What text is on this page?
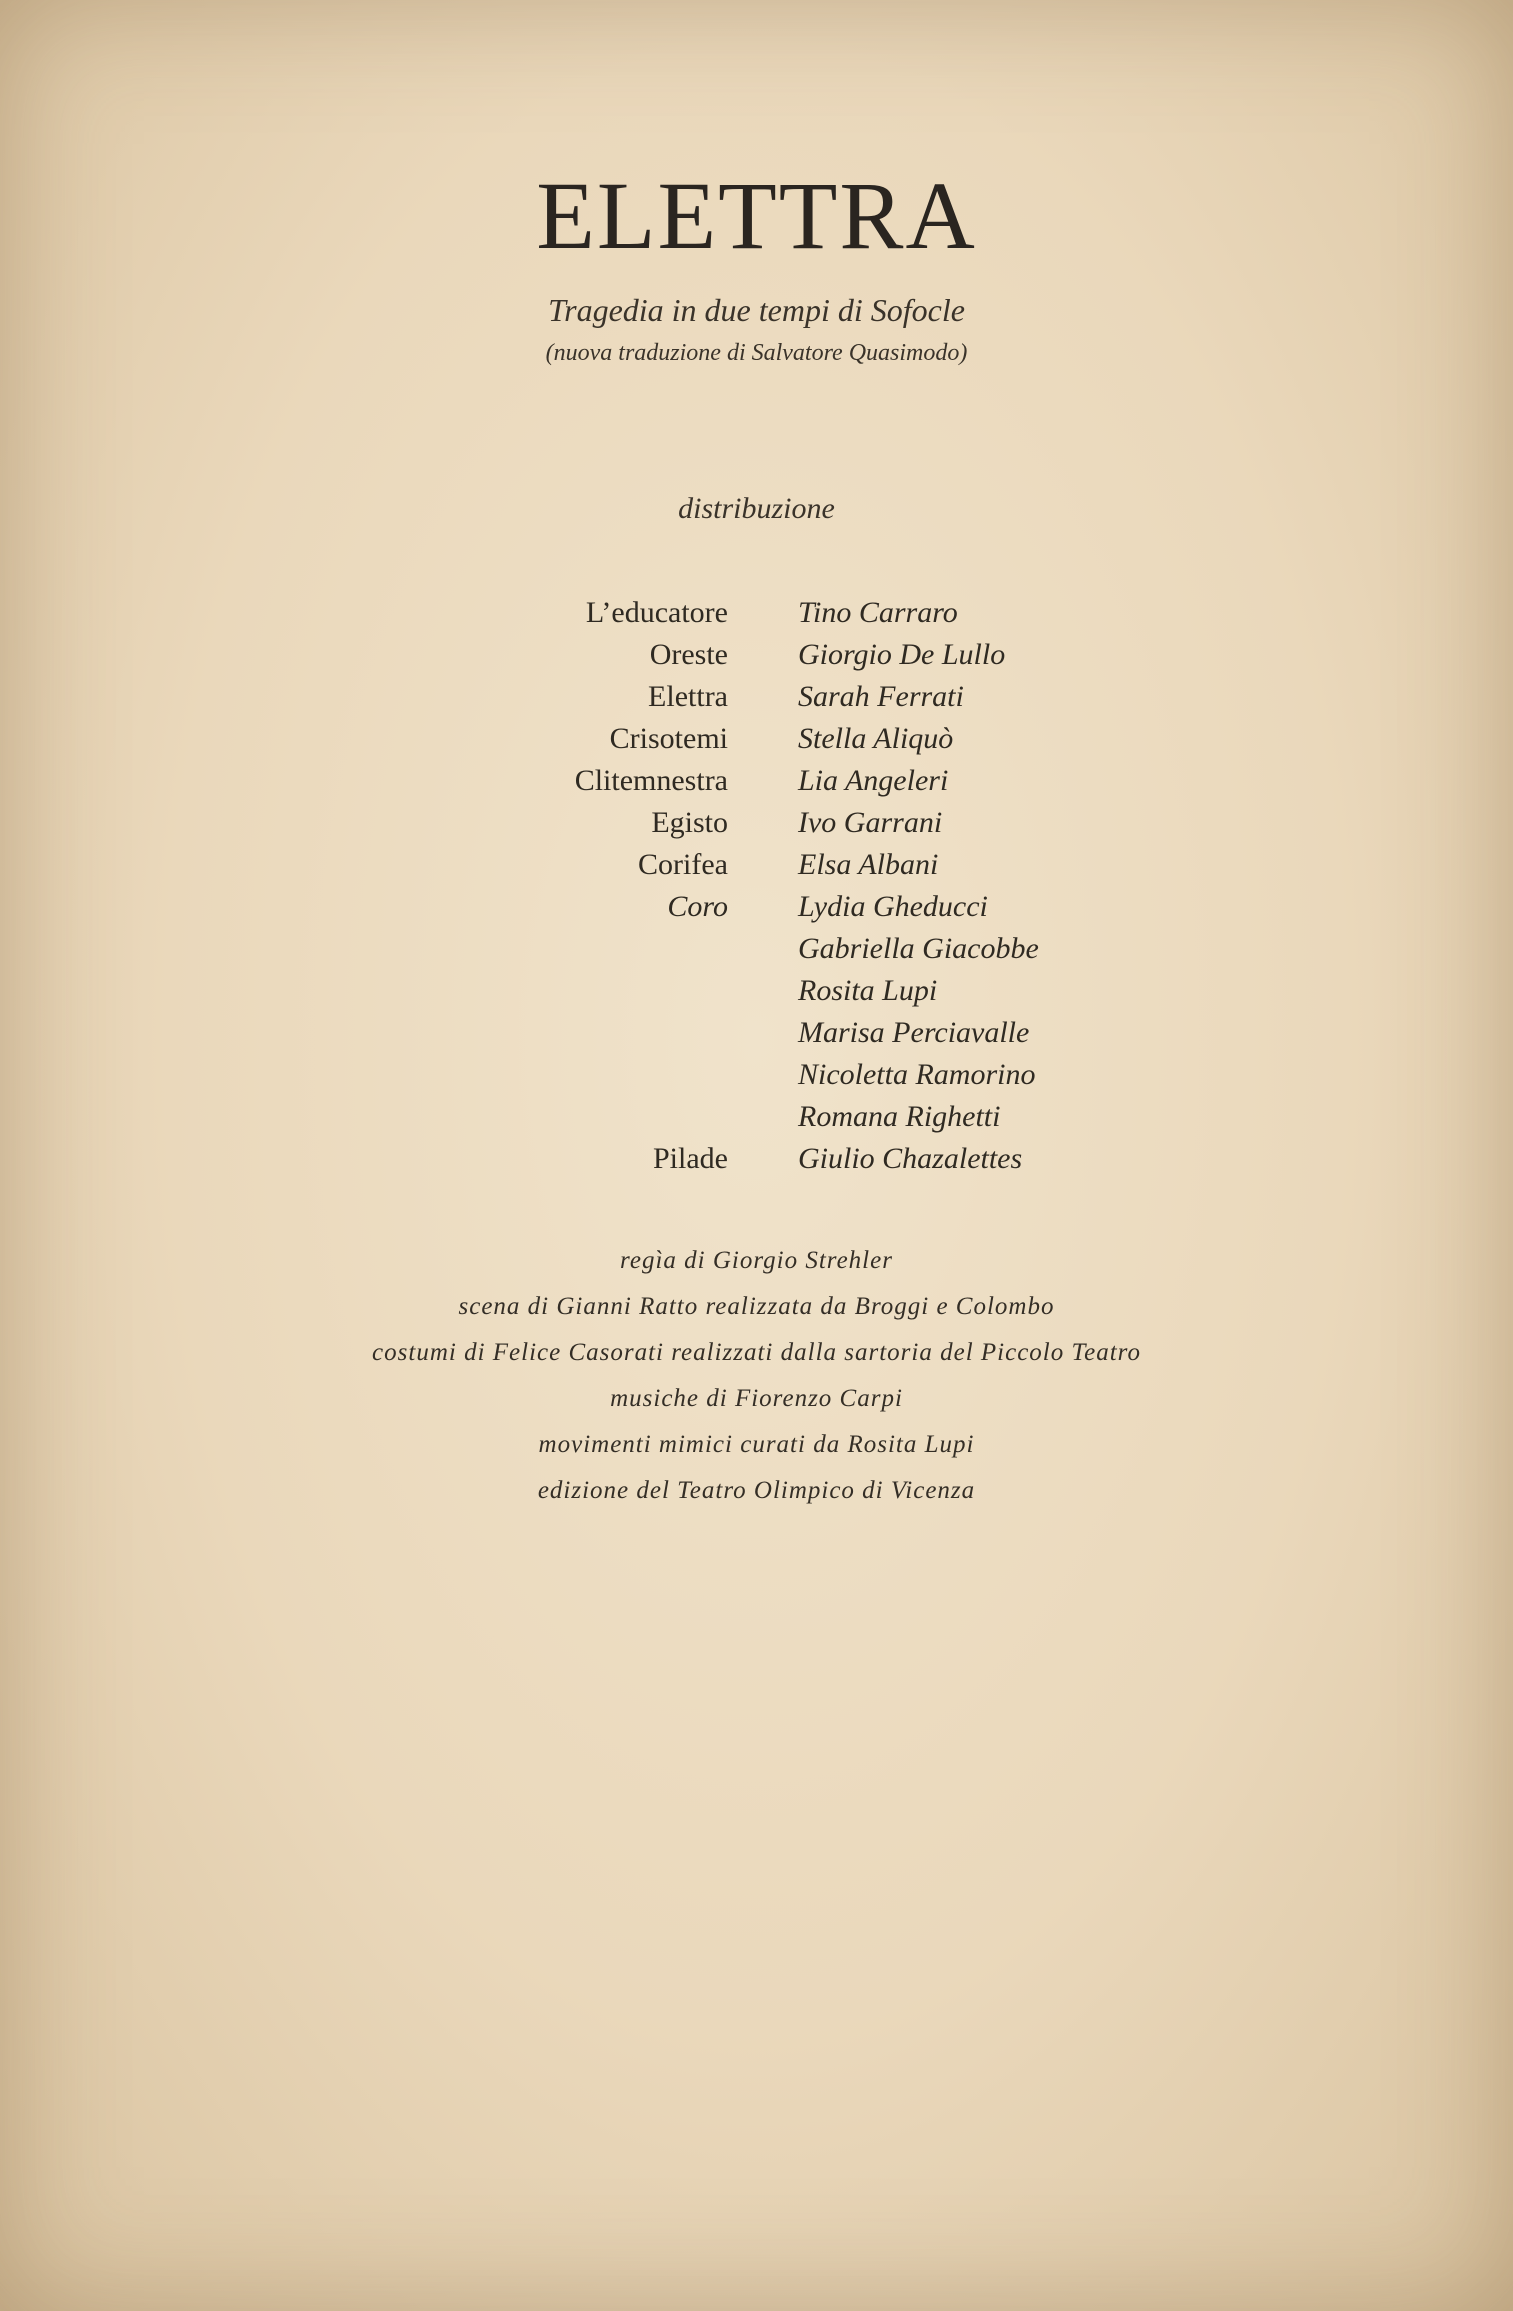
ELETTRA
Tragedia in due tempi di Sofocle
(nuova traduzione di Salvatore Quasimodo)
distribuzione
L’educatore Tino Carraro
Oreste Giorgio De Lullo
Elettra Sarah Ferrati
Crisotemi Stella Aliquò
Clitemnestra Lia Angeleri
Egisto Ivo Garrani
Corifea Elsa Albani
Coro Lydia Gheducci
Gabriella Giacobbe
Rosita Lupi
Marisa Perciavalle
Nicoletta Ramorino
Romana Righetti
Pilade Giulio Chazalettes
regìa di Giorgio Strehler
scena di Gianni Ratto realizzata da Broggi e Colombo
costumi di Felice Casorati realizzati dalla sartoria del Piccolo Teatro
musiche di Fiorenzo Carpi
movimenti mimici curati da Rosita Lupi
edizione del Teatro Olimpico di Vicenza
